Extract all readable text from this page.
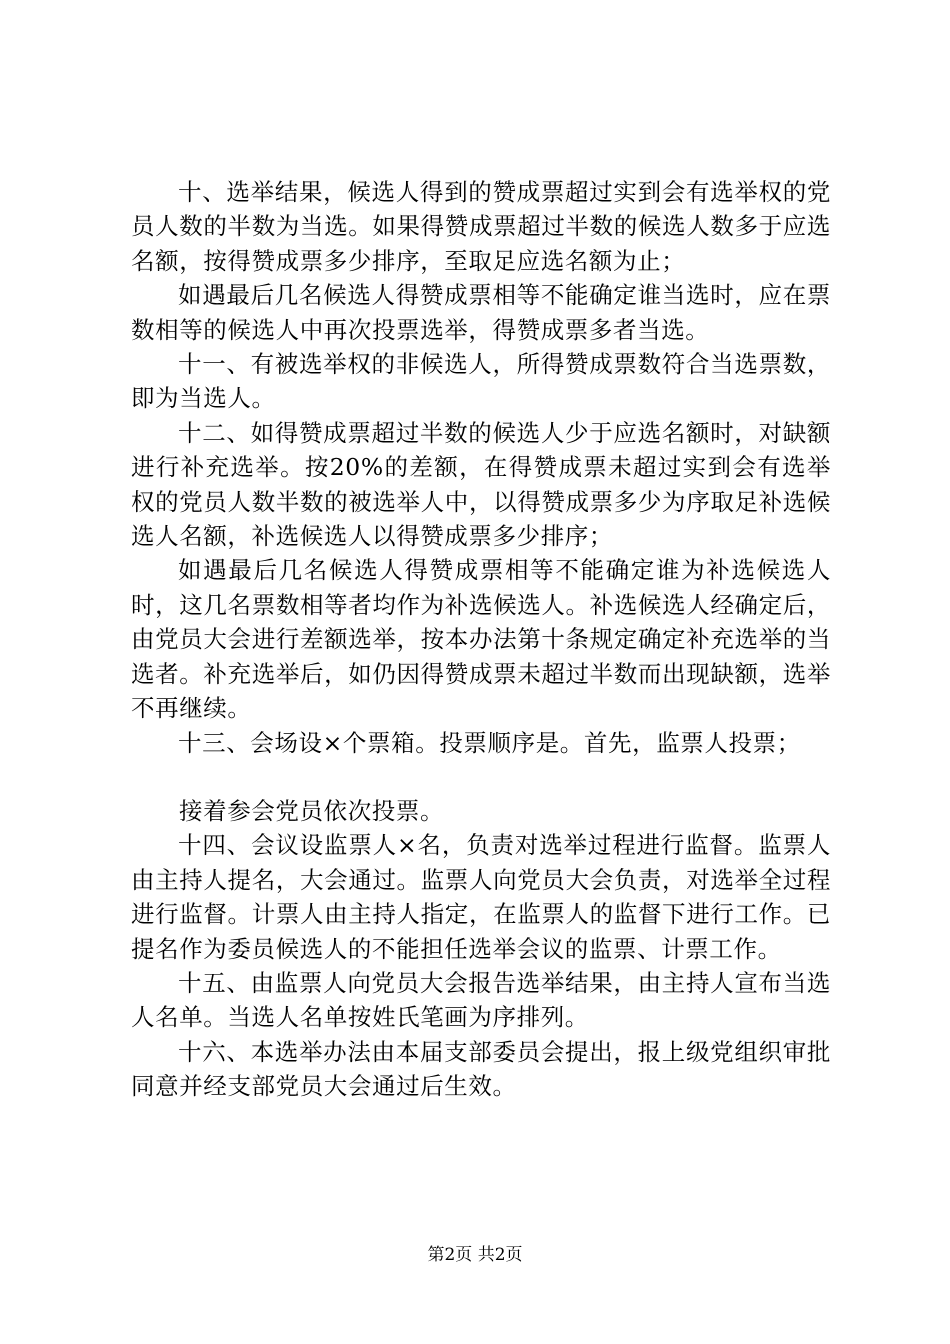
十、选举结果，候选人得到的赞成票超过实到会有选举权的党员人数的半数为当选。如果得赞成票超过半数的候选人数多于应选名额，按得赞成票多少排序，至取足应选名额为止；

如遇最后几名候选人得赞成票相等不能确定谁当选时，应在票数相等的候选人中再次投票选举，得赞成票多者当选。

十一、有被选举权的非候选人，所得赞成票数符合当选票数，即为当选人。

十二、如得赞成票超过半数的候选人少于应选名额时，对缺额进行补充选举。按20%的差额，在得赞成票未超过实到会有选举权的党员人数半数的被选举人中，以得赞成票多少为序取足补选候选人名额，补选候选人以得赞成票多少排序；

如遇最后几名候选人得赞成票相等不能确定谁为补选候选人时，这几名票数相等者均作为补选候选人。补选候选人经确定后，由党员大会进行差额选举，按本办法第十条规定确定补充选举的当选者。补充选举后，如仍因得赞成票未超过半数而出现缺额，选举不再继续。

十三、会场设×个票箱。投票顺序是。首先，监票人投票；

接着参会党员依次投票。

十四、会议设监票人×名，负责对选举过程进行监督。监票人由主持人提名，大会通过。监票人向党员大会负责，对选举全过程进行监督。计票人由主持人指定，在监票人的监督下进行工作。已提名作为委员候选人的不能担任选举会议的监票、计票工作。

十五、由监票人向党员大会报告选举结果，由主持人宣布当选人名单。当选人名单按姓氏笔画为序排列。

十六、本选举办法由本届支部委员会提出，报上级党组织审批同意并经支部党员大会通过后生效。

第2页 共2页
